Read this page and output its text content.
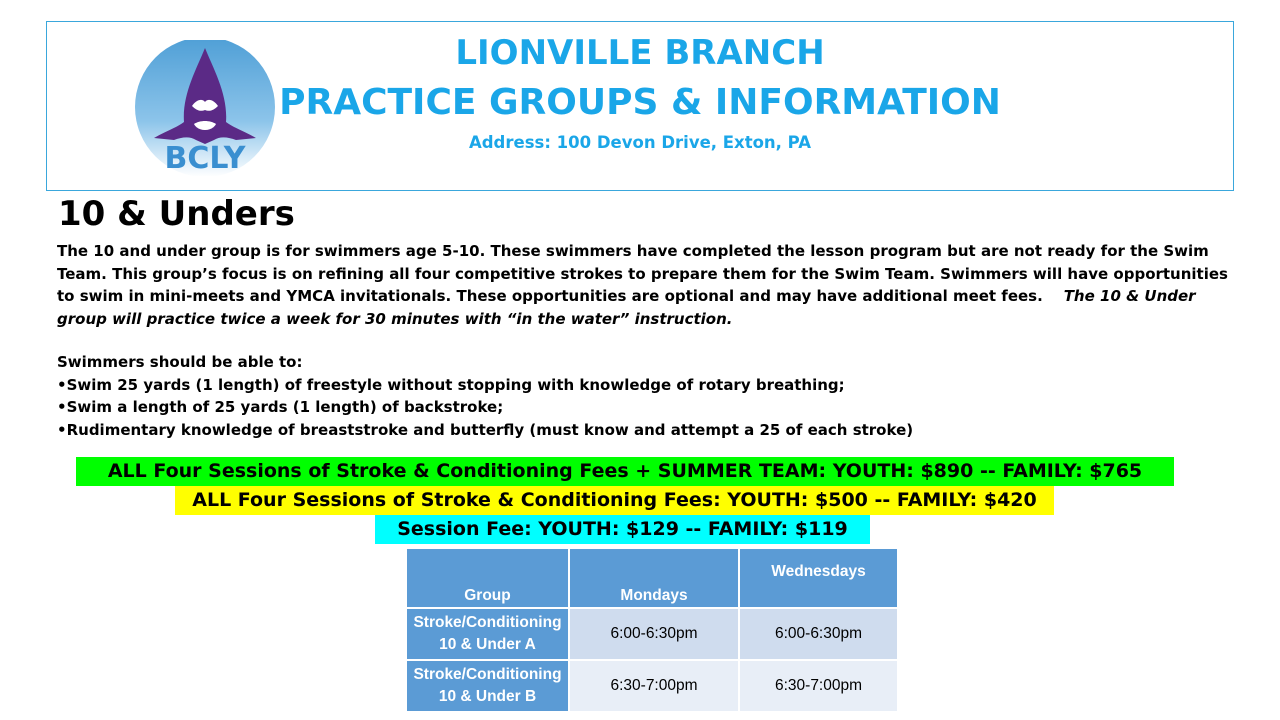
BCLY
LIONVILLE BRANCH
PRACTICE GROUPS & INFORMATION
Address: 100 Devon Drive, Exton, PA
10 & Unders

The 10 and under group is for swimmers age 5-10. These swimmers have completed the lesson program but are not ready for the Swim Team. This group’s focus is on refining all four competitive strokes to prepare them for the Swim Team. Swimmers will have opportunities to swim in mini-meets and YMCA invitationals. These opportunities are optional and may have additional meet fees. The 10 & Under group will practice twice a week for 30 minutes with “in the water” instruction.

Swimmers should be able to:
•Swim 25 yards (1 length) of freestyle without stopping with knowledge of rotary breathing;
•Swim a length of 25 yards (1 length) of backstroke;
•Rudimentary knowledge of breaststroke and butterfly (must know and attempt a 25 of each stroke)
ALL Four Sessions of Stroke & Conditioning Fees + SUMMER TEAM: YOUTH: $890 -- FAMILY: $765
ALL Four Sessions of Stroke & Conditioning Fees: YOUTH: $500 -- FAMILY: $420
Session Fee: YOUTH: $129 -- FAMILY: $119
Group	Mondays	Wednesdays

Stroke/Conditioning
10 & Under A	6:00-6:30pm	6:00-6:30pm

Stroke/Conditioning
10 & Under B	6:30-7:00pm	6:30-7:00pm
